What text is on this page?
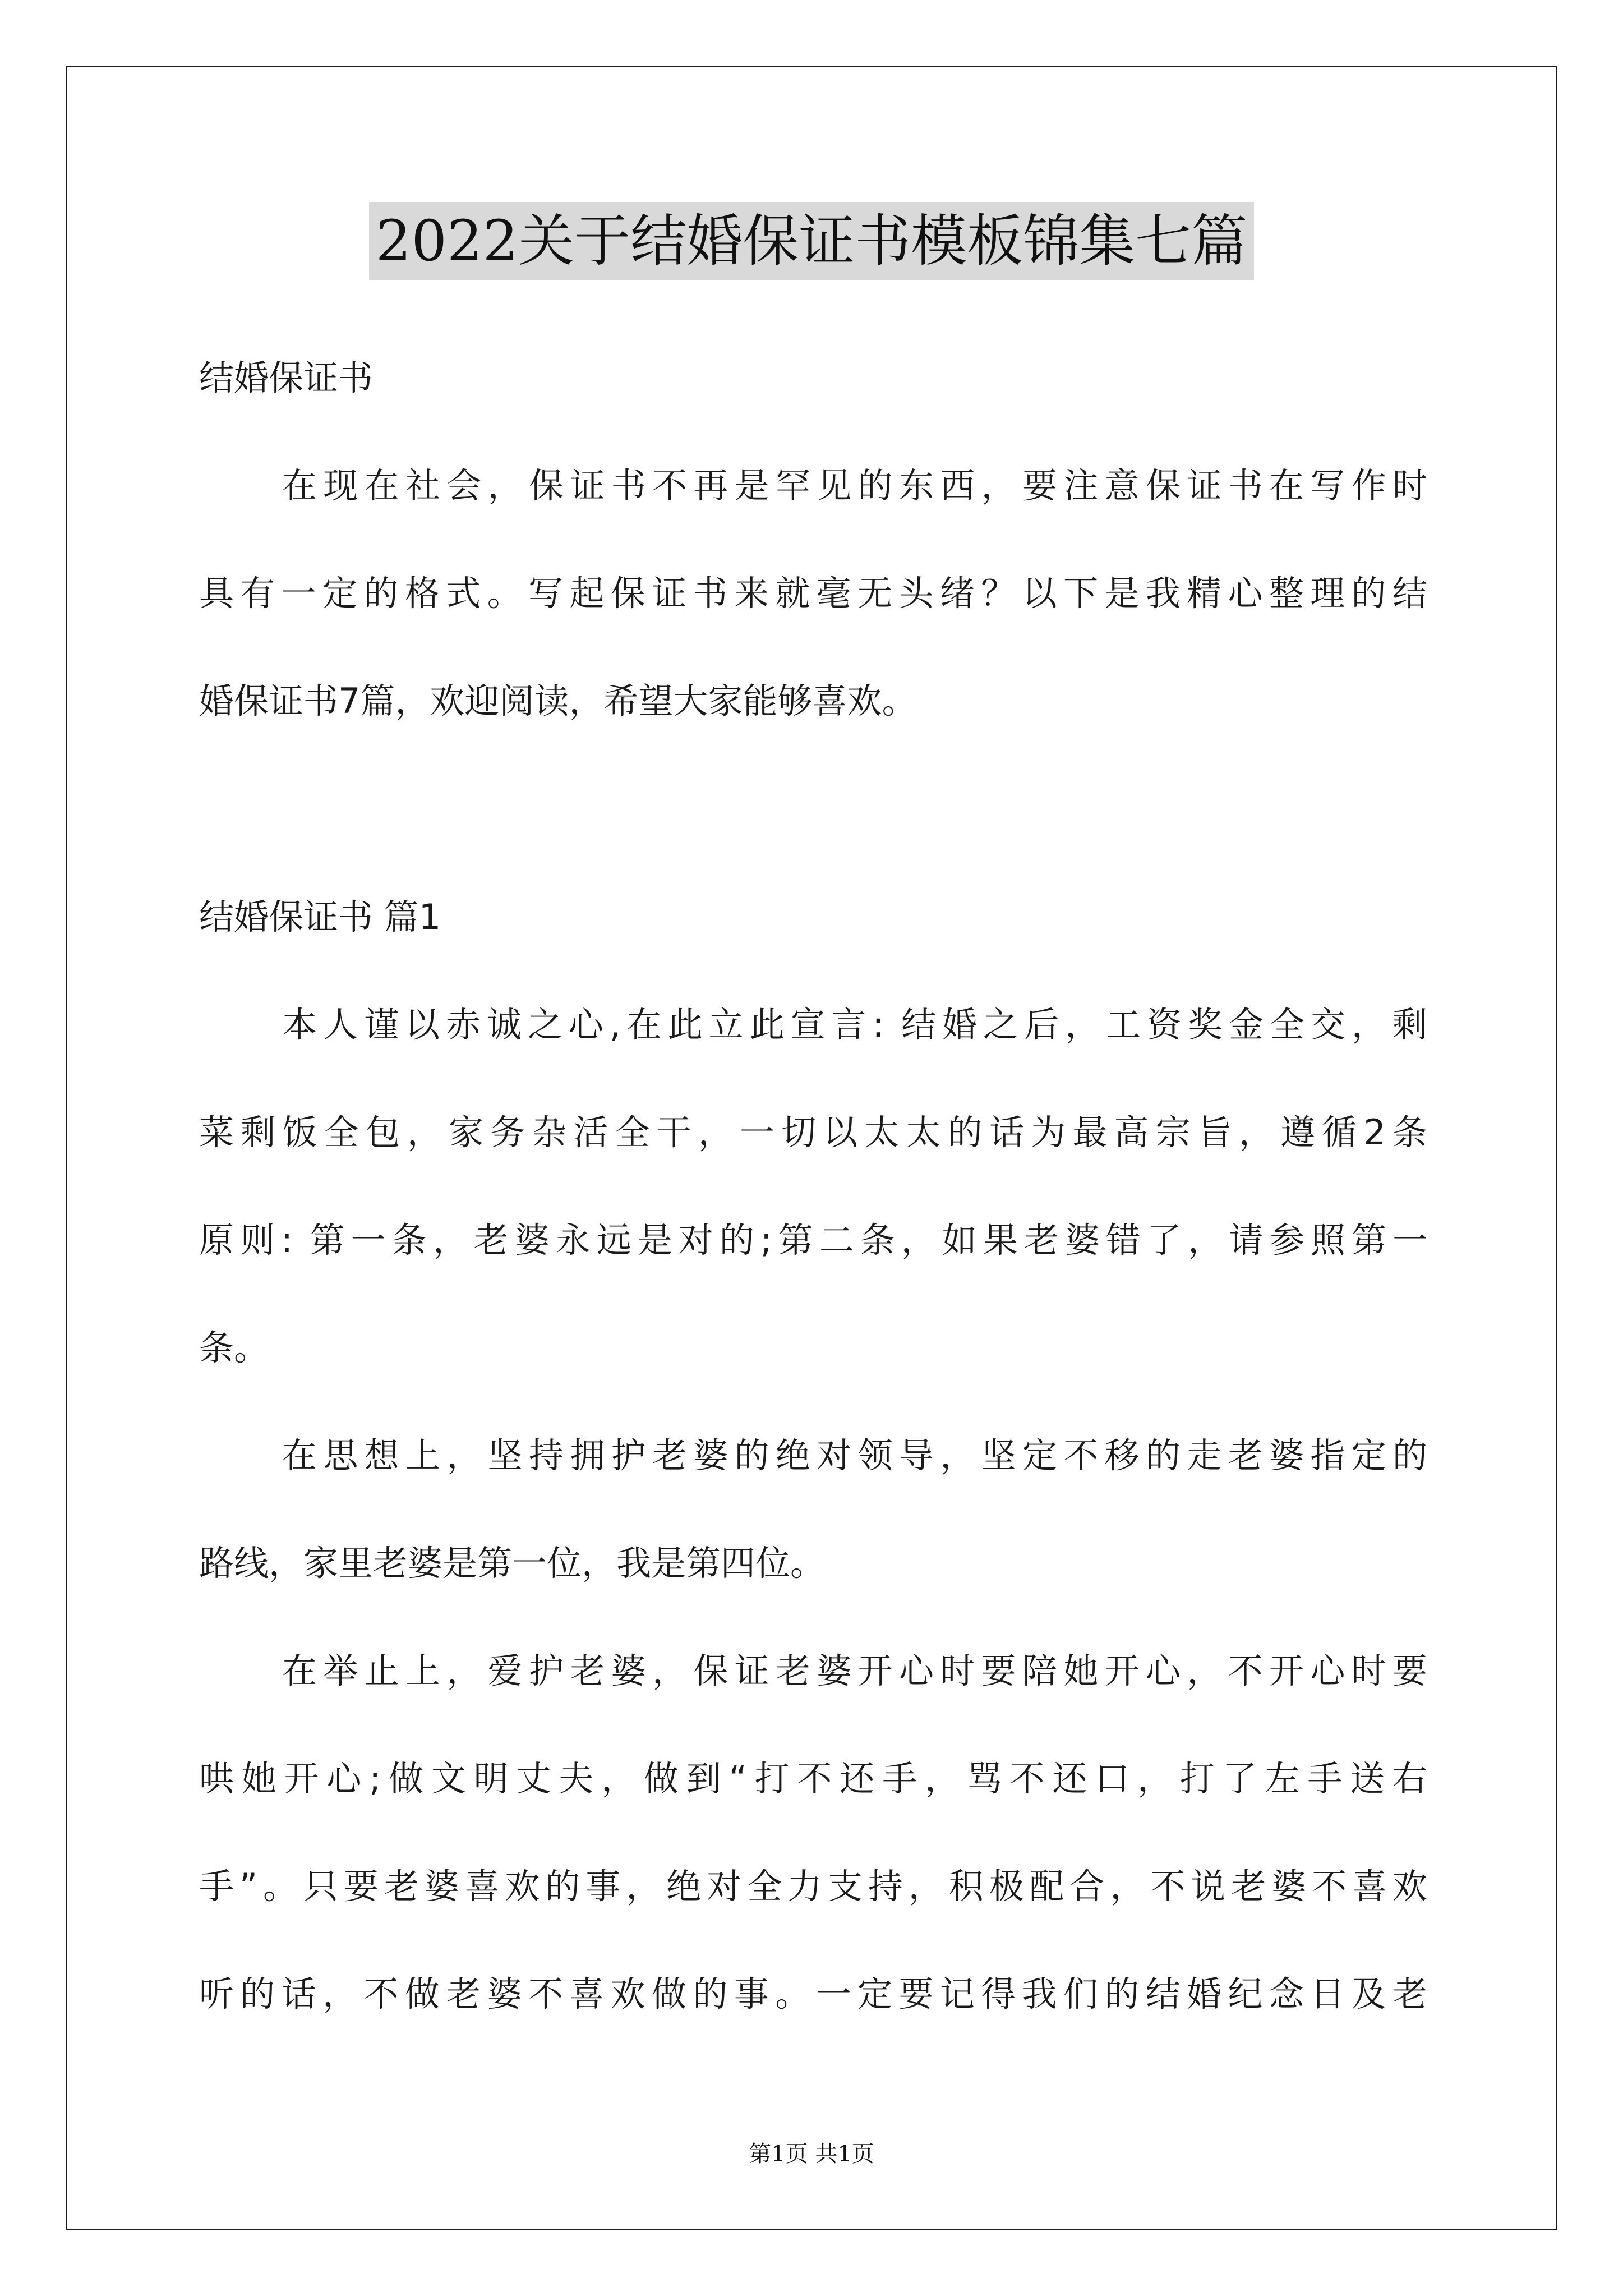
2022关于结婚保证书模板锦集七篇
结婚保证书
在现在社会，保证书不再是罕见的东西，要注意保证书在写作时
具有一定的格式。写起保证书来就毫无头绪？以下是我精心整理的结
婚保证书7篇，欢迎阅读，希望大家能够喜欢。
结婚保证书 篇1
本人谨以赤诚之心,在此立此宣言: 结婚之后，工资奖金全交，剩
菜剩饭全包，家务杂活全干，一切以太太的话为最高宗旨，遵循2条
原则: 第一条，老婆永远是对的;第二条，如果老婆错了，请参照第一
条。
在思想上，坚持拥护老婆的绝对领导，坚定不移的走老婆指定的
路线，家里老婆是第一位，我是第四位。
在举止上，爱护老婆，保证老婆开心时要陪她开心，不开心时要
哄她开心;做文明丈夫，做到“打不还手，骂不还口，打了左手送右
手”。只要老婆喜欢的事，绝对全力支持，积极配合，不说老婆不喜欢
听的话，不做老婆不喜欢做的事。一定要记得我们的结婚纪念日及老
第1页 共1页
